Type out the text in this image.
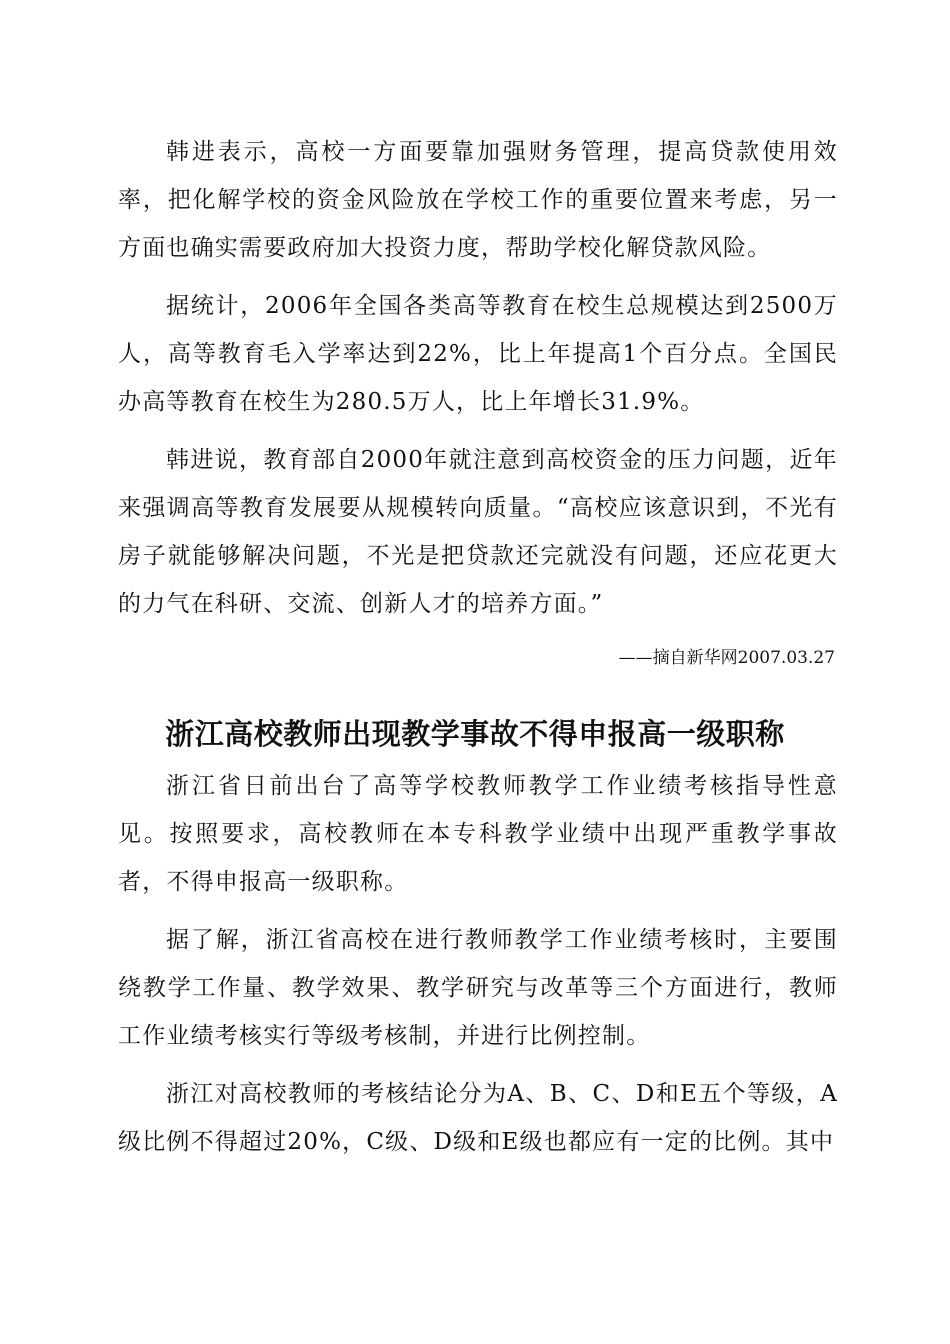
韩进表示，高校一方面要靠加强财务管理，提高贷款使用效率，把化解学校的资金风险放在学校工作的重要位置来考虑，另一方面也确实需要政府加大投资力度，帮助学校化解贷款风险。

据统计，2006年全国各类高等教育在校生总规模达到2500万人，高等教育毛入学率达到22%，比上年提高1个百分点。全国民办高等教育在校生为280.5万人，比上年增长31.9%。

韩进说，教育部自2000年就注意到高校资金的压力问题，近年来强调高等教育发展要从规模转向质量。“高校应该意识到，不光有房子就能够解决问题，不光是把贷款还完就没有问题，还应花更大的力气在科研、交流、创新人才的培养方面。”

——摘自新华网2007.03.27

浙江高校教师出现教学事故不得申报高一级职称

浙江省日前出台了高等学校教师教学工作业绩考核指导性意见。按照要求，高校教师在本专科教学业绩中出现严重教学事故者，不得申报高一级职称。

据了解，浙江省高校在进行教师教学工作业绩考核时，主要围绕教学工作量、教学效果、教学研究与改革等三个方面进行，教师工作业绩考核实行等级考核制，并进行比例控制。

浙江对高校教师的考核结论分为A、B、C、D和E五个等级，A级比例不得超过20%，C级、D级和E级也都应有一定的比例。其中
